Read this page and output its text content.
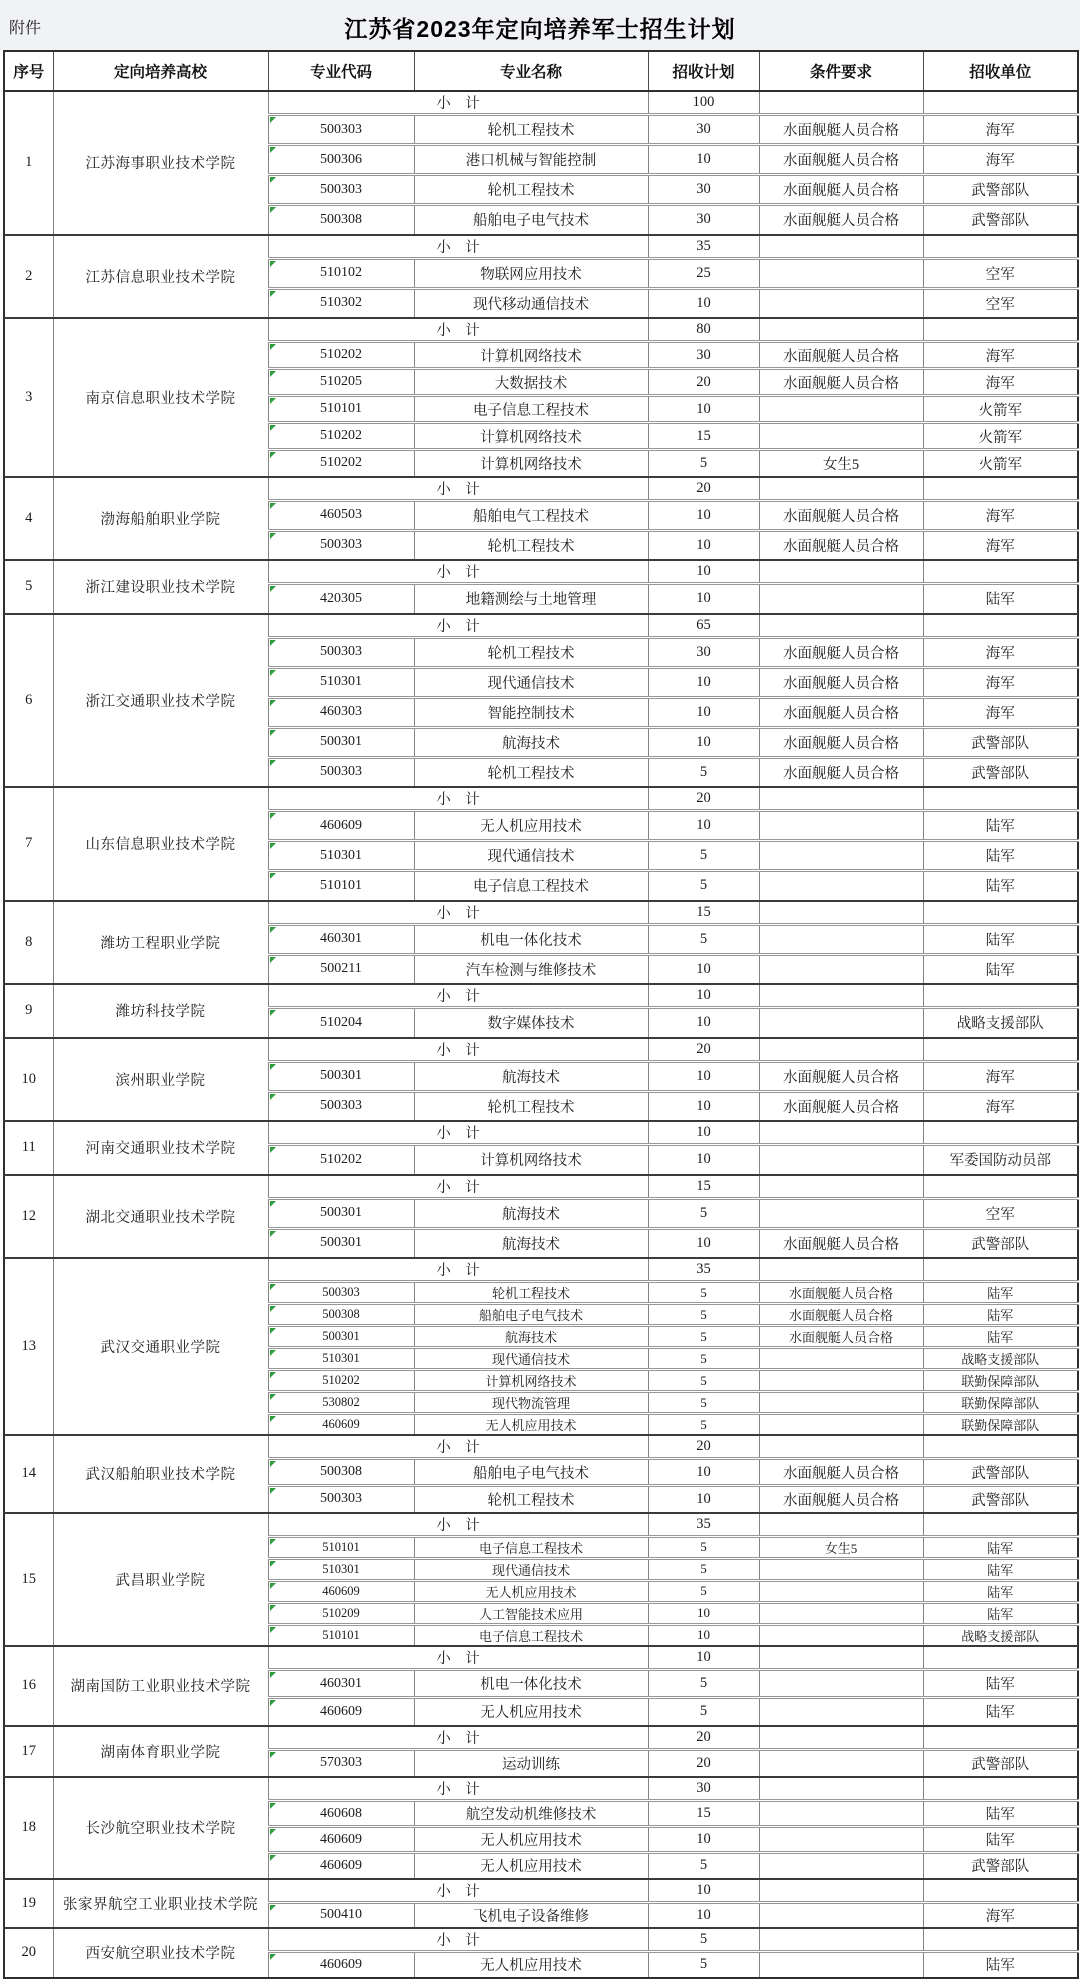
附件	江苏省2023年定向培养军士招生计划
序号	定向培养高校	专业代码	专业名称	招收计划	条件要求	招收单位
1	江苏海事职业技术学院	小　计		100		
		500303	轮机工程技术	30	水面舰艇人员合格	海军
		500306	港口机械与智能控制	10	水面舰艇人员合格	海军
		500303	轮机工程技术	30	水面舰艇人员合格	武警部队
		500308	船舶电子电气技术	30	水面舰艇人员合格	武警部队
2	江苏信息职业技术学院	小　计		35		
		510102	物联网应用技术	25		空军
		510302	现代移动通信技术	10		空军
3	南京信息职业技术学院	小　计		80		
		510202	计算机网络技术	30	水面舰艇人员合格	海军
		510205	大数据技术	20	水面舰艇人员合格	海军
		510101	电子信息工程技术	10		火箭军
		510202	计算机网络技术	15		火箭军
		510202	计算机网络技术	5	女生5	火箭军
4	渤海船舶职业学院	小　计		20		
		460503	船舶电气工程技术	10	水面舰艇人员合格	海军
		500303	轮机工程技术	10	水面舰艇人员合格	海军
5	浙江建设职业技术学院	小　计		10		
		420305	地籍测绘与土地管理	10		陆军
6	浙江交通职业技术学院	小　计		65		
		500303	轮机工程技术	30	水面舰艇人员合格	海军
		510301	现代通信技术	10	水面舰艇人员合格	海军
		460303	智能控制技术	10	水面舰艇人员合格	海军
		500301	航海技术	10	水面舰艇人员合格	武警部队
		500303	轮机工程技术	5	水面舰艇人员合格	武警部队
7	山东信息职业技术学院	小　计		20		
		460609	无人机应用技术	10		陆军
		510301	现代通信技术	5		陆军
		510101	电子信息工程技术	5		陆军
8	潍坊工程职业学院	小　计		15		
		460301	机电一体化技术	5		陆军
		500211	汽车检测与维修技术	10		陆军
9	潍坊科技学院	小　计		10		
		510204	数字媒体技术	10		战略支援部队
10	滨州职业学院	小　计		20		
		500301	航海技术	10	水面舰艇人员合格	海军
		500303	轮机工程技术	10	水面舰艇人员合格	海军
11	河南交通职业技术学院	小　计		10		
		510202	计算机网络技术	10		军委国防动员部
12	湖北交通职业技术学院	小　计		15		
		500301	航海技术	5		空军
		500301	航海技术	10	水面舰艇人员合格	武警部队
13	武汉交通职业学院	小　计		35		
		500303	轮机工程技术	5	水面舰艇人员合格	陆军
		500308	船舶电子电气技术	5	水面舰艇人员合格	陆军
		500301	航海技术	5	水面舰艇人员合格	陆军
		510301	现代通信技术	5		战略支援部队
		510202	计算机网络技术	5		联勤保障部队
		530802	现代物流管理	5		联勤保障部队
		460609	无人机应用技术	5		联勤保障部队
14	武汉船舶职业技术学院	小　计		20		
		500308	船舶电子电气技术	10	水面舰艇人员合格	武警部队
		500303	轮机工程技术	10	水面舰艇人员合格	武警部队
15	武昌职业学院	小　计		35		
		510101	电子信息工程技术	5	女生5	陆军
		510301	现代通信技术	5		陆军
		460609	无人机应用技术	5		陆军
		510209	人工智能技术应用	10		陆军
		510101	电子信息工程技术	10		战略支援部队
16	湖南国防工业职业技术学院	小　计		10		
		460301	机电一体化技术	5		陆军
		460609	无人机应用技术	5		陆军
17	湖南体育职业学院	小　计		20		
		570303	运动训练	20		武警部队
18	长沙航空职业技术学院	小　计		30		
		460608	航空发动机维修技术	15		陆军
		460609	无人机应用技术	10		陆军
		460609	无人机应用技术	5		武警部队
19	张家界航空工业职业技术学院	小　计		10		
		500410	飞机电子设备维修	10		海军
20	西安航空职业技术学院	小　计		5		
		460609	无人机应用技术	5		陆军
